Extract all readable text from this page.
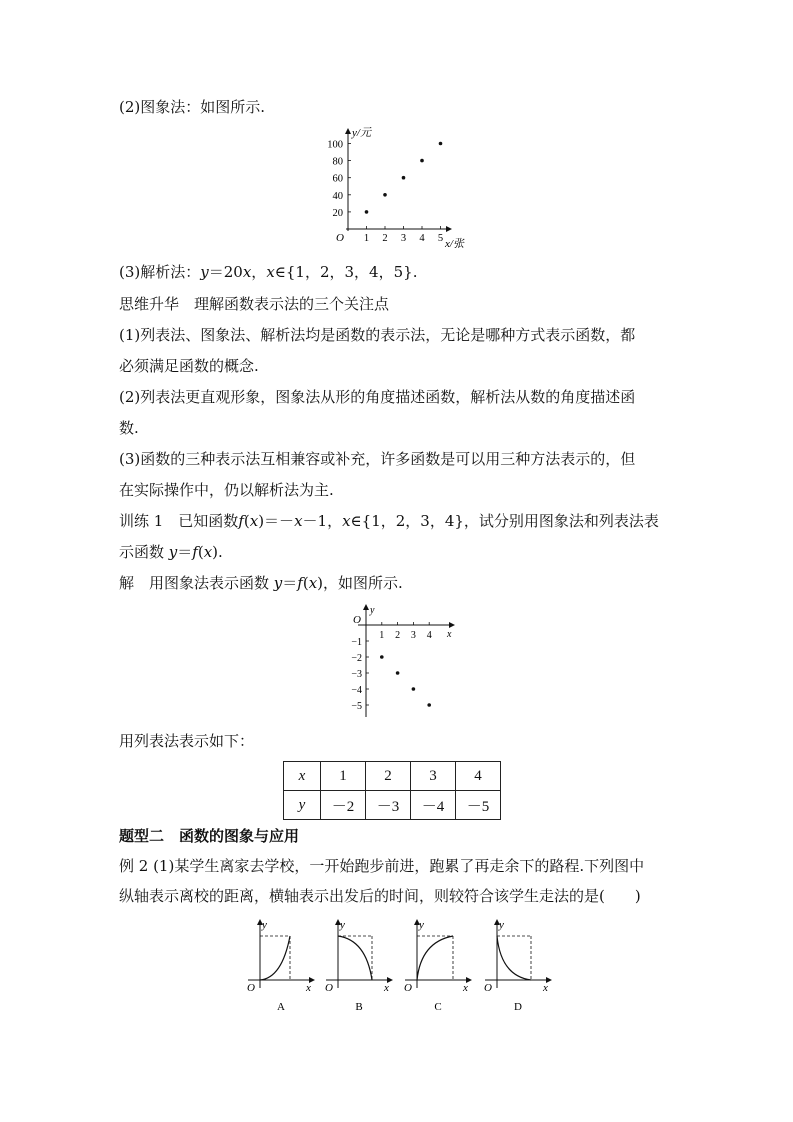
(2)图象法：如图所示.
y/元
x/张
O 1 2 3 4 5
20
40
60
80
100
(3)解析法：y＝20x，x∈{1，2，3，4，5}.
思维升华　理解函数表示法的三个关注点
(1)列表法、图象法、解析法均是函数的表示法，无论是哪种方式表示函数，都
必须满足函数的概念.
(2)列表法更直观形象，图象法从形的角度描述函数，解析法从数的角度描述函
数.
(3)函数的三种表示法互相兼容或补充，许多函数是可以用三种方法表示的，但
在实际操作中，仍以解析法为主.
训练 1　已知函数f(x)＝－x－1，x∈{1，2，3，4}，试分别用图象法和列表法表
示函数 y＝f(x).
解　用图象法表示函数 y＝f(x)，如图所示.
y
x
O
1 2 3 4
−1
−2
−3
−4
−5
用列表法表示如下：
x	1	2	3	4
y	－2	－3	－4	－5
题型二　函数的图象与应用
例 2 (1)某学生离家去学校，一开始跑步前进，跑累了再走余下的路程.下列图中
纵轴表示离校的距离，横轴表示出发后的时间，则较符合该学生走法的是(　　)
y
x
O
A
y
x
O
B
y
x
O
C
y
x
O
D
